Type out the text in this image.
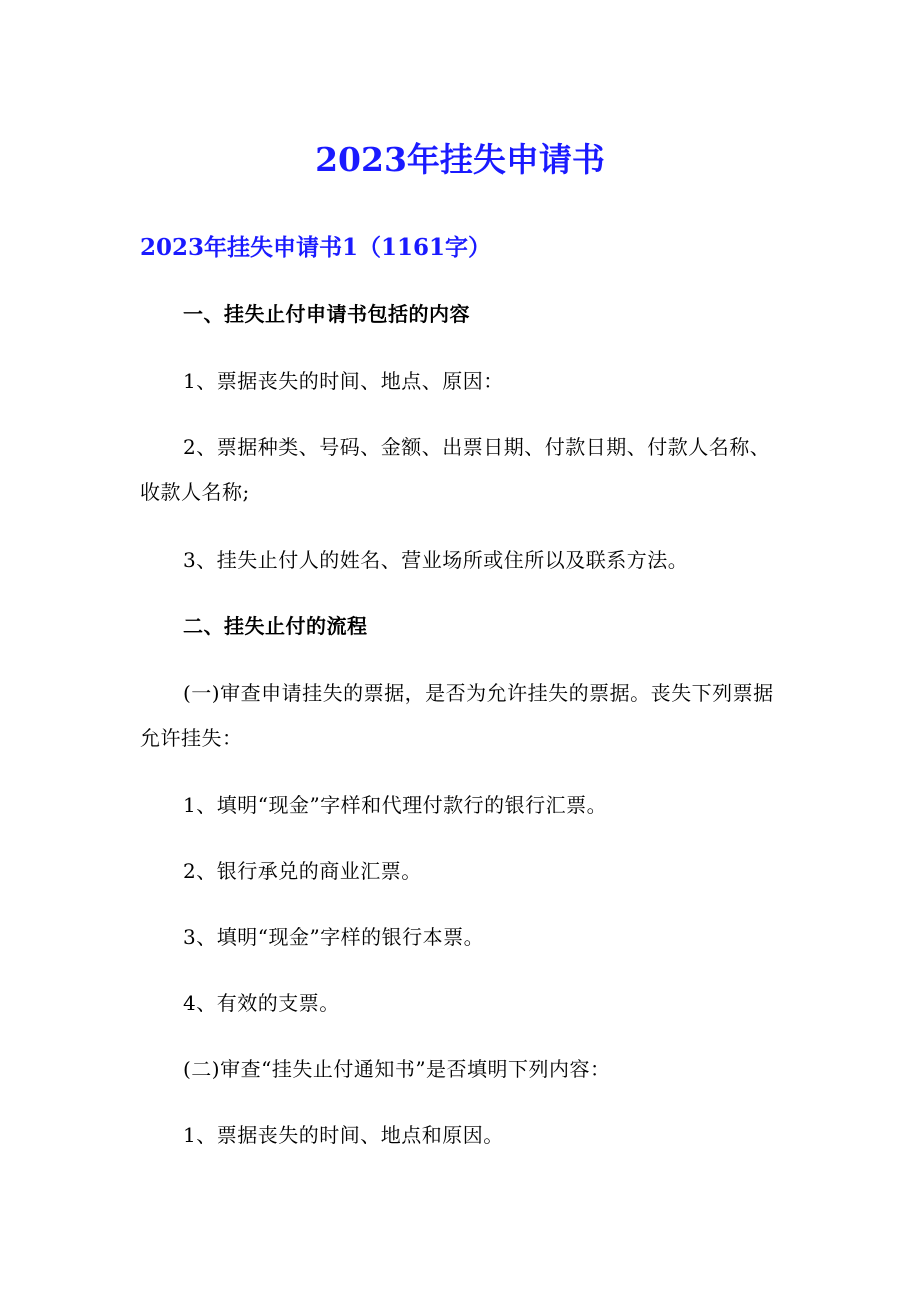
2023年挂失申请书
2023年挂失申请书1（1161字）

一、挂失止付申请书包括的内容

1、票据丧失的时间、地点、原因：

2、票据种类、号码、金额、出票日期、付款日期、付款人名称、收款人名称;

3、挂失止付人的姓名、营业场所或住所以及联系方法。

二、挂失止付的流程

(一)审查申请挂失的票据，是否为允许挂失的票据。丧失下列票据允许挂失：

1、填明“现金”字样和代理付款行的银行汇票。

2、银行承兑的商业汇票。

3、填明“现金”字样的银行本票。

4、有效的支票。

(二)审查“挂失止付通知书”是否填明下列内容：

1、票据丧失的时间、地点和原因。
